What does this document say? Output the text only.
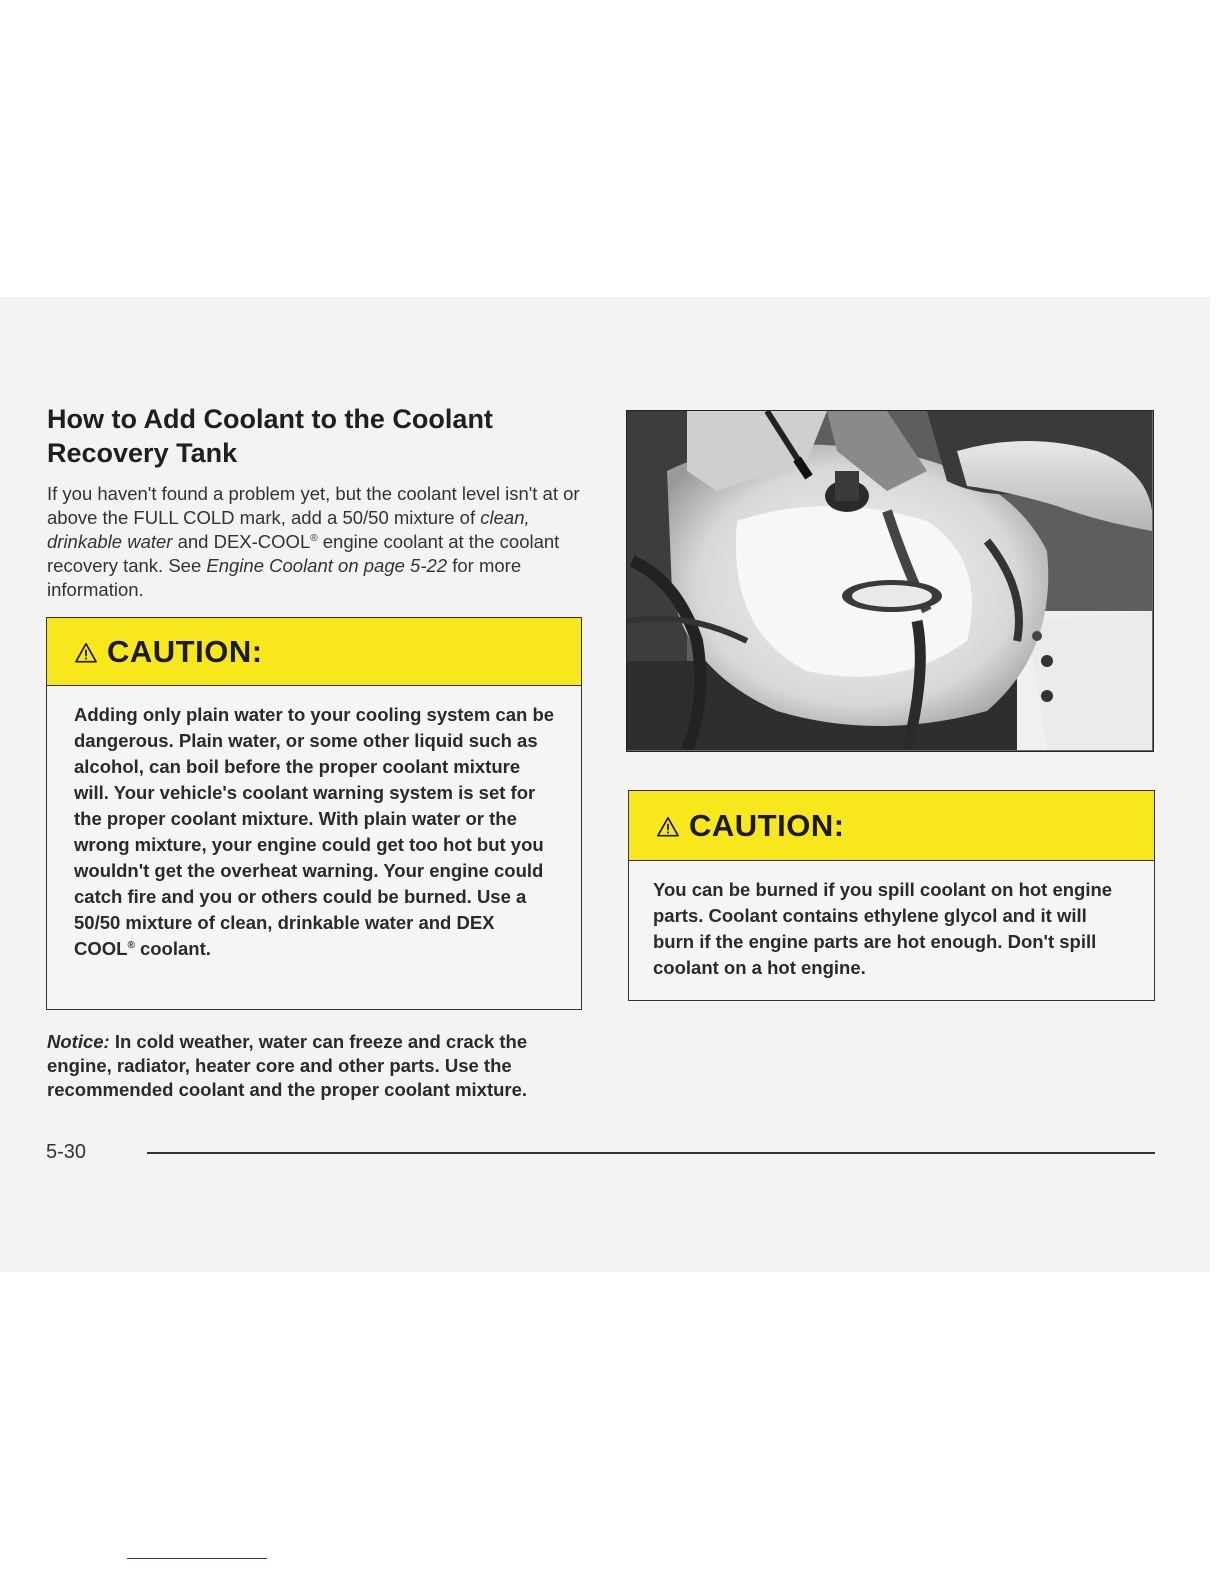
How to Add Coolant to the Coolant Recovery Tank

If you haven't found a problem yet, but the coolant level isn't at or above the FULL COLD mark, add a 50/50 mixture of clean, drinkable water and DEX-COOL® engine coolant at the coolant recovery tank. See Engine Coolant on page 5-22 for more information.

CAUTION:

Adding only plain water to your cooling system can be dangerous. Plain water, or some other liquid such as alcohol, can boil before the proper coolant mixture will. Your vehicle's coolant warning system is set for the proper coolant mixture. With plain water or the wrong mixture, your engine could get too hot but you wouldn't get the overheat warning. Your engine could catch fire and you or others could be burned. Use a 50/50 mixture of clean, drinkable water and DEX COOL® coolant.

Notice: In cold weather, water can freeze and crack the engine, radiator, heater core and other parts. Use the recommended coolant and the proper coolant mixture.

CAUTION:

You can be burned if you spill coolant on hot engine parts. Coolant contains ethylene glycol and it will burn if the engine parts are hot enough. Don't spill coolant on a hot engine.

5-30
